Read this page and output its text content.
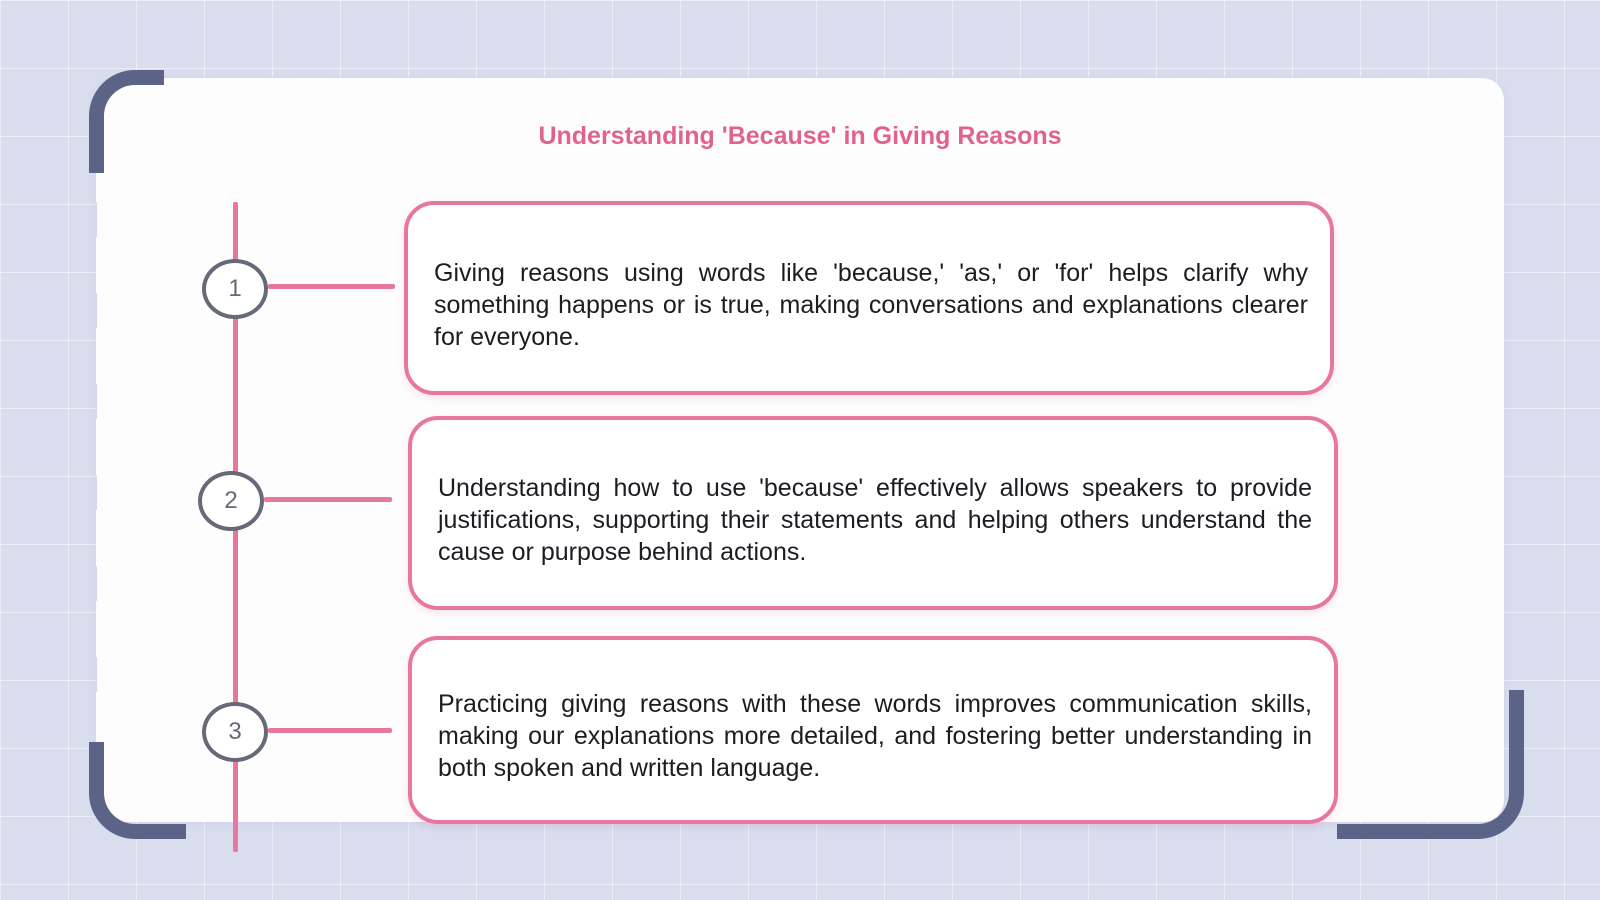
Understanding 'Because' in Giving Reasons
1
2
3

Giving reasons using words like 'because,' 'as,' or 'for' helps clarify why something happens or is true, making conversations and explanations clearer for everyone.

Understanding how to use 'because' effectively allows speakers to provide justifications, supporting their statements and helping others understand the cause or purpose behind actions.

Practicing giving reasons with these words improves communication skills, making our explanations more detailed, and fostering better understanding in both spoken and written language.
